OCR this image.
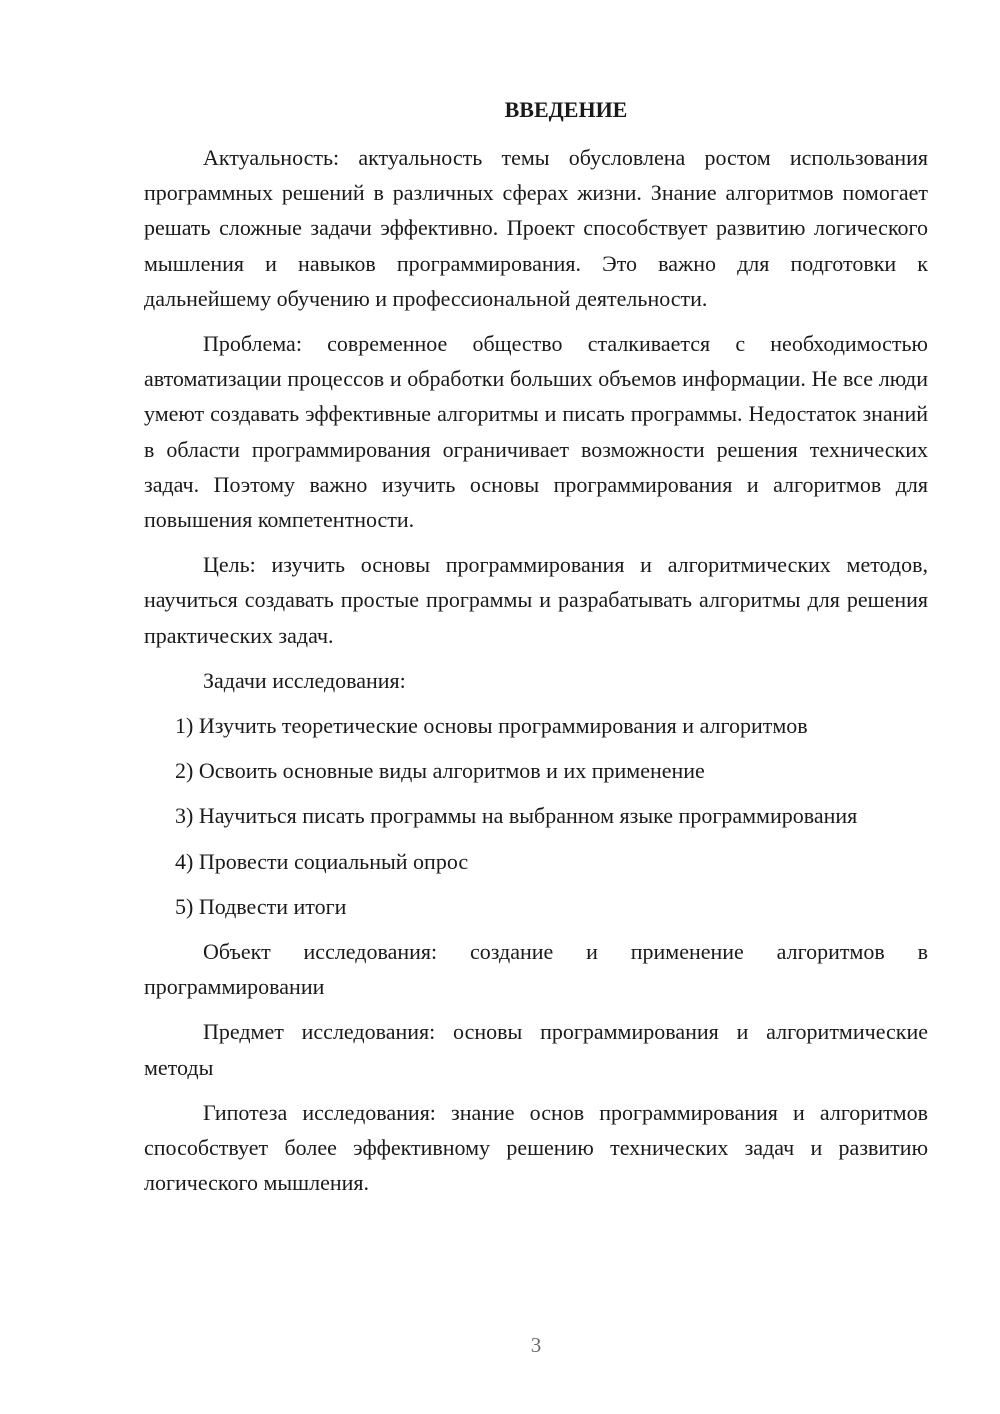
ВВЕДЕНИЕ

Актуальность: актуальность темы обусловлена ростом использования программных решений в различных сферах жизни. Знание алгоритмов помогает решать сложные задачи эффективно. Проект способствует развитию логического мышления и навыков программирования. Это важно для подготовки к дальнейшему обучению и профессиональной деятельности.

Проблема: современное общество сталкивается с необходимостью автоматизации процессов и обработки больших объемов информации. Не все люди умеют создавать эффективные алгоритмы и писать программы. Недостаток знаний в области программирования ограничивает возможности решения технических задач. Поэтому важно изучить основы программирования и алгоритмов для повышения компетентности.

Цель: изучить основы программирования и алгоритмических методов, научиться создавать простые программы и разрабатывать алгоритмы для решения практических задач.

Задачи исследования:

1) Изучить теоретические основы программирования и алгоритмов

2) Освоить основные виды алгоритмов и их применение

3) Научиться писать программы на выбранном языке программирования

4) Провести социальный опрос

5) Подвести итоги

Объект исследования: создание и применение алгоритмов в программировании

Предмет исследования: основы программирования и алгоритмические методы

Гипотеза исследования: знание основ программирования и алгоритмов способствует более эффективному решению технических задач и развитию логического мышления.

3
